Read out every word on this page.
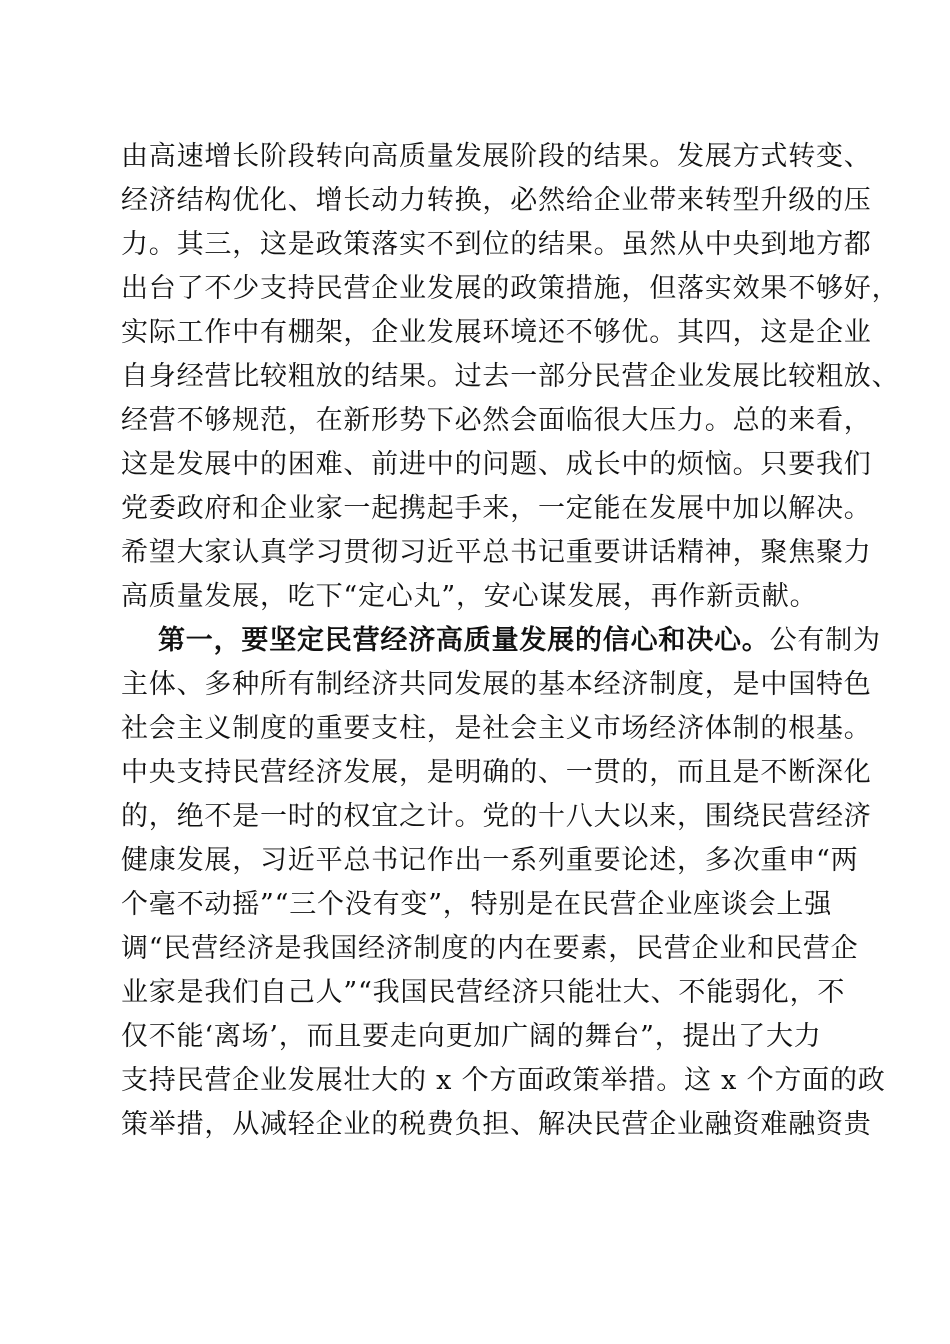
由高速增长阶段转向高质量发展阶段的结果。发展方式转变、
经济结构优化、增长动力转换，必然给企业带来转型升级的压
力。其三，这是政策落实不到位的结果。虽然从中央到地方都
出台了不少支持民营企业发展的政策措施，但落实效果不够好，
实际工作中有棚架，企业发展环境还不够优。其四，这是企业
自身经营比较粗放的结果。过去一部分民营企业发展比较粗放、
经营不够规范，在新形势下必然会面临很大压力。总的来看，
这是发展中的困难、前进中的问题、成长中的烦恼。只要我们
党委政府和企业家一起携起手来，一定能在发展中加以解决。
希望大家认真学习贯彻习近平总书记重要讲话精神，聚焦聚力
高质量发展，吃下“定心丸”，安心谋发展，再作新贡献。
第一，要坚定民营经济高质量发展的信心和决心。公有制为
主体、多种所有制经济共同发展的基本经济制度，是中国特色
社会主义制度的重要支柱，是社会主义市场经济体制的根基。
中央支持民营经济发展，是明确的、一贯的，而且是不断深化
的，绝不是一时的权宜之计。党的十八大以来，围绕民营经济
健康发展，习近平总书记作出一系列重要论述，多次重申“两
个毫不动摇”“三个没有变”，特别是在民营企业座谈会上强
调“民营经济是我国经济制度的内在要素，民营企业和民营企
业家是我们自己人”“我国民营经济只能壮大、不能弱化，不
仅不能‘离场’，而且要走向更加广阔的舞台”，提出了大力
支持民营企业发展壮大的 x 个方面政策举措。这 x 个方面的政
策举措，从减轻企业的税费负担、解决民营企业融资难融资贵
